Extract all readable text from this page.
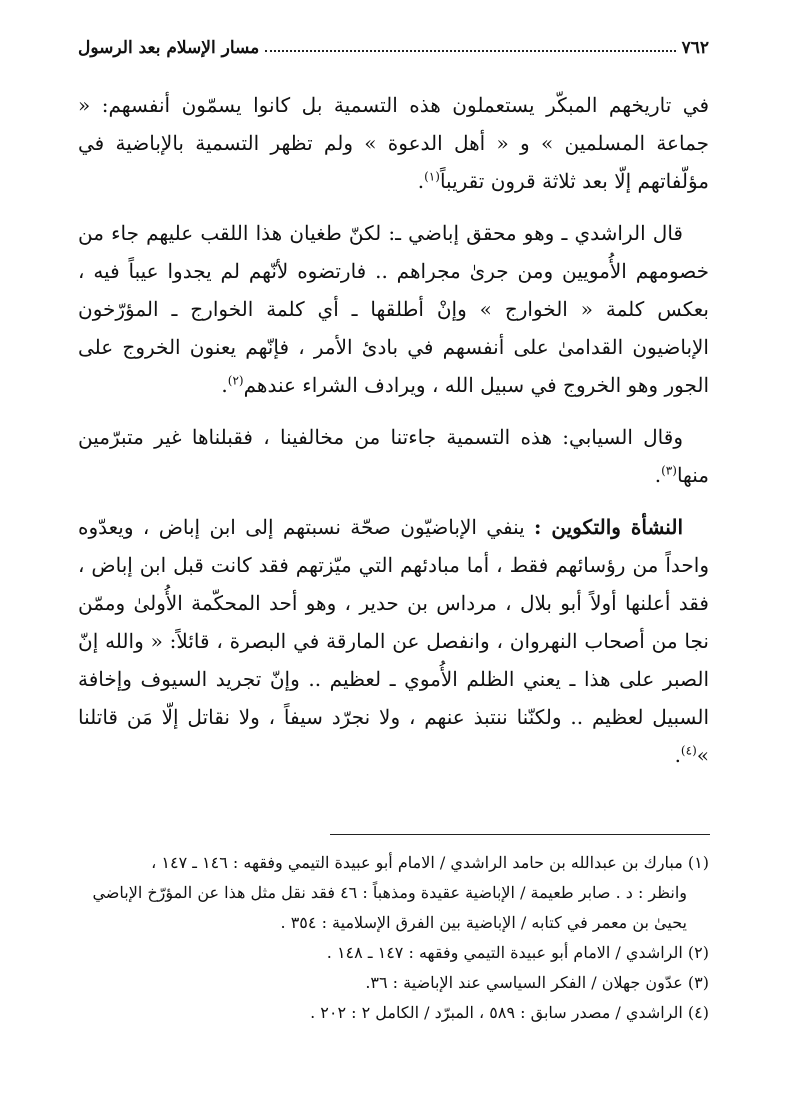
٧٦٢
مسار الإسلام بعد الرسول

في تاريخهم المبكّر يستعملون هذه التسمية بل كانوا يسمّون أنفسهم: « جماعة المسلمين » و « أهل الدعوة » ولم تظهر التسمية بالإباضية في مؤلّفاتهم إلّا بعد ثلاثة قرون تقريباً$^{(١)}$.

قال الراشدي ـ وهو محقق إباضي ـ: لكنّ طغيان هذا اللقب عليهم جاء من خصومهم الأُمويين ومن جرىٰ مجراهم .. فارتضوه لأنّهم لم يجدوا عيباً فيه ، بعكس كلمة « الخوارج » وإنْ أطلقها ـ أي كلمة الخوارج ـ المؤرّخون الإباضيون القدامىٰ على أنفسهم في بادئ الأمر ، فإنّهم يعنون الخروج على الجور وهو الخروج في سبيل الله ، ويرادف الشراء عندهم$^{(٢)}$.

وقال السيابي: هذه التسمية جاءتنا من مخالفينا ، فقبلناها غير متبرّمين منها$^{(٣)}$.

النشأة والتكوين : ينفي الإباضيّون صحّة نسبتهم إلى ابن إباض ، ويعدّوه واحداً من رؤسائهم فقط ، أما مبادئهم التي ميّزتهم فقد كانت قبل ابن إباض ، فقد أعلنها أولاً أبو بلال ، مرداس بن حدير ، وهو أحد المحكّمة الأُولىٰ وممّن نجا من أصحاب النهروان ، وانفصل عن المارقة في البصرة ، قائلاً: « والله إنّ الصبر على هذا ـ يعني الظلم الأُموي ـ لعظيم .. وإنّ تجريد السيوف وإخافة السبيل لعظيم .. ولكنّنا ننتبذ عنهم ، ولا نجرّد سيفاً ، ولا نقاتل إلّا مَن قاتلنا »$^{(٤)}$.

(١) مبارك بن عبدالله بن حامد الراشدي / الامام أبو عبيدة التيمي وفقهه : ١٤٦ ـ ١٤٧ ،

وانظر : د . صابر طعيمة / الإباضية عقيدة ومذهباً : ٤٦ فقد نقل مثل هذا عن المؤرّخ الإباضي يحيىٰ بن معمر في كتابه / الإباضية بين الفرق الإسلامية : ٣٥٤ .

(٢) الراشدي / الامام أبو عبيدة التيمي وفقهه : ١٤٧ ـ ١٤٨ .

(٣) عدّون جهلان / الفكر السياسي عند الإباضية : ٣٦.

(٤) الراشدي / مصدر سابق : ٥٨٩ ، المبرّد / الكامل ٢ : ٢٠٢ .
